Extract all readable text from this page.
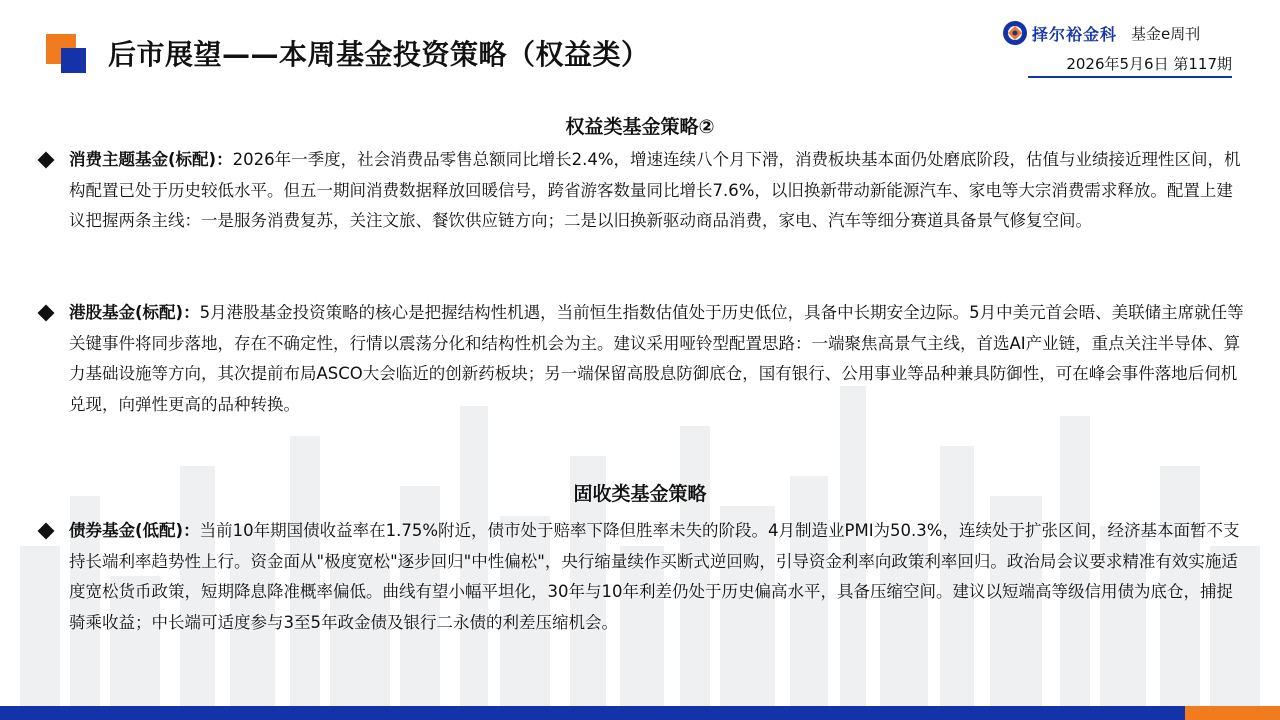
后市展望——本周基金投资策略（权益类）
择尔裕金科 基金e周刊
2026年5月6日 第117期
权益类基金策略②
消费主题基金(标配)：2026年一季度，社会消费品零售总额同比增长2.4%，增速连续八个月下滑，消费板块基本面仍处磨底阶段，估值与业绩接近理性区间，机构配置已处于历史较低水平。但五一期间消费数据释放回暖信号，跨省游客数量同比增长7.6%，以旧换新带动新能源汽车、家电等大宗消费需求释放。配置上建议把握两条主线：一是服务消费复苏，关注文旅、餐饮供应链方向；二是以旧换新驱动商品消费，家电、汽车等细分赛道具备景气修复空间。
港股基金(标配)：5月港股基金投资策略的核心是把握结构性机遇，当前恒生指数估值处于历史低位，具备中长期安全边际。5月中美元首会晤、美联储主席就任等关键事件将同步落地，存在不确定性，行情以震荡分化和结构性机会为主。建议采用哑铃型配置思路：一端聚焦高景气主线，首选AI产业链，重点关注半导体、算力基础设施等方向，其次提前布局ASCO大会临近的创新药板块；另一端保留高股息防御底仓，国有银行、公用事业等品种兼具防御性，可在峰会事件落地后伺机兑现，向弹性更高的品种转换。
固收类基金策略
债券基金(低配)：当前10年期国债收益率在1.75%附近，债市处于赔率下降但胜率未失的阶段。4月制造业PMI为50.3%，连续处于扩张区间，经济基本面暂不支持长端利率趋势性上行。资金面从"极度宽松"逐步回归"中性偏松"，央行缩量续作买断式逆回购，引导资金利率向政策利率回归。政治局会议要求精准有效实施适度宽松货币政策，短期降息降准概率偏低。曲线有望小幅平坦化，30年与10年利差仍处于历史偏高水平，具备压缩空间。建议以短端高等级信用债为底仓，捕捉骑乘收益；中长端可适度参与3至5年政金债及银行二永债的利差压缩机会。
